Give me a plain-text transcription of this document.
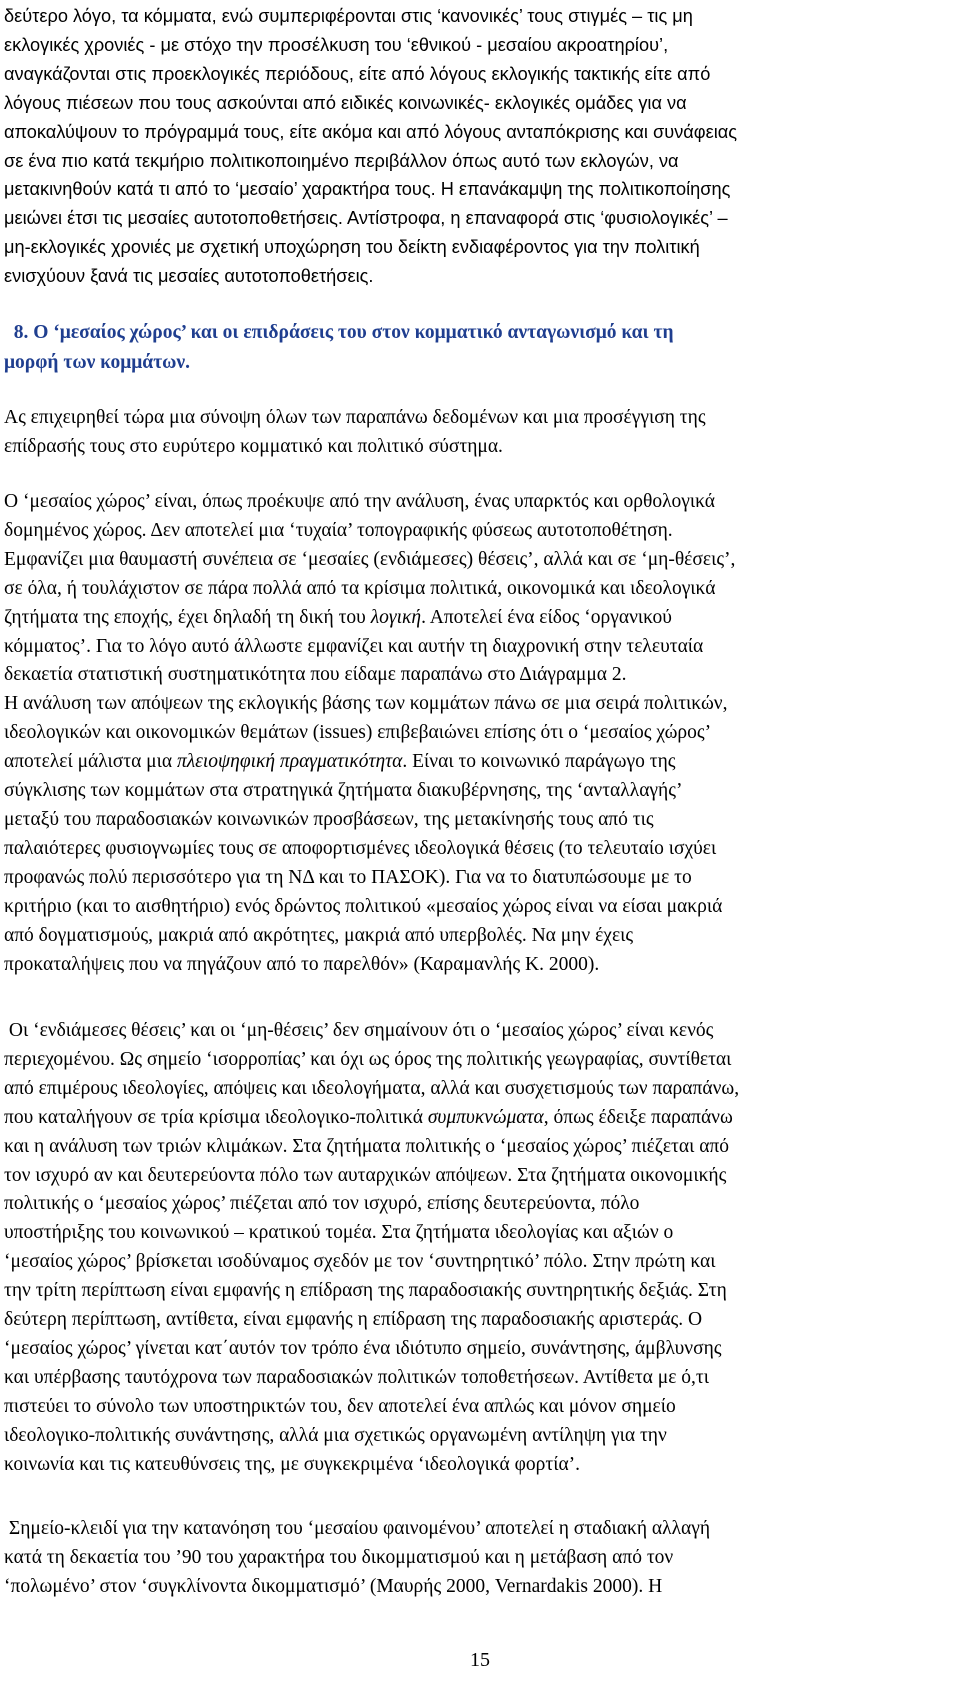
δεύτερο λόγο, τα κόμματα, ενώ συμπεριφέρονται στις ‘κανονικές’ τους στιγμές – τις μη
εκλογικές χρονιές - με στόχο την προσέλκυση του ‘εθνικού - μεσαίου ακροατηρίου’,
αναγκάζονται στις προεκλογικές περιόδους, είτε από λόγους εκλογικής τακτικής είτε από
λόγους πιέσεων που τους ασκούνται από ειδικές κοινωνικές- εκλογικές ομάδες για να
αποκαλύψουν το πρόγραμμά τους, είτε ακόμα και από λόγους ανταπόκρισης και συνάφειας
σε ένα πιο κατά τεκμήριο πολιτικοποιημένο περιβάλλον όπως αυτό των εκλογών, να
μετακινηθούν κατά τι από το ‘μεσαίο’ χαρακτήρα τους. Η επανάκαμψη της πολιτικοποίησης
μειώνει έτσι τις μεσαίες αυτοτοποθετήσεις. Αντίστροφα, η επαναφορά στις ‘φυσιολογικές’ –
μη-εκλογικές χρονιές με σχετική υποχώρηση του δείκτη ενδιαφέροντος για την πολιτική
ενισχύουν ξανά τις μεσαίες αυτοτοποθετήσεις.

8. Ο ‘μεσαίος χώρος’ και οι επιδράσεις του στον κομματικό ανταγωνισμό και τη
μορφή των κομμάτων.

Ας επιχειρηθεί τώρα μια σύνοψη όλων των παραπάνω δεδομένων και μια προσέγγιση της
επίδρασής τους στο ευρύτερο κομματικό και πολιτικό σύστημα.

Ο ‘μεσαίος χώρος’ είναι, όπως προέκυψε από την ανάλυση, ένας υπαρκτός και ορθολογικά
δομημένος χώρος. Δεν αποτελεί μια ‘τυχαία’ τοπογραφικής φύσεως αυτοτοποθέτηση.
Εμφανίζει μια θαυμαστή συνέπεια σε ‘μεσαίες (ενδιάμεσες) θέσεις’, αλλά και σε ‘μη-θέσεις’,
σε όλα, ή τουλάχιστον σε πάρα πολλά από τα κρίσιμα πολιτικά, οικονομικά και ιδεολογικά
ζητήματα της εποχής, έχει δηλαδή τη δική του λογική. Αποτελεί ένα είδος ‘οργανικού
κόμματος’. Για το λόγο αυτό άλλωστε εμφανίζει και αυτήν τη διαχρονική στην τελευταία
δεκαετία στατιστική συστηματικότητα που είδαμε παραπάνω στο Διάγραμμα 2.
Η ανάλυση των απόψεων της εκλογικής βάσης των κομμάτων πάνω σε μια σειρά πολιτικών,
ιδεολογικών και οικονομικών θεμάτων (issues) επιβεβαιώνει επίσης ότι ο ‘μεσαίος χώρος’
αποτελεί μάλιστα μια πλειοψηφική πραγματικότητα. Είναι το κοινωνικό παράγωγο της
σύγκλισης των κομμάτων στα στρατηγικά ζητήματα διακυβέρνησης, της ‘ανταλλαγής’
μεταξύ του παραδοσιακών κοινωνικών προσβάσεων, της μετακίνησής τους από τις
παλαιότερες φυσιογνωμίες τους σε αποφορτισμένες ιδεολογικά θέσεις (το τελευταίο ισχύει
προφανώς πολύ περισσότερο για τη ΝΔ και το ΠΑΣΟΚ). Για να το διατυπώσουμε με το
κριτήριο (και το αισθητήριο) ενός δρώντος πολιτικού «μεσαίος χώρος είναι να είσαι μακριά
από δογματισμούς, μακριά από ακρότητες, μακριά από υπερβολές. Να μην έχεις
προκαταλήψεις που να πηγάζουν από το παρελθόν» (Καραμανλής Κ. 2000).

Οι ‘ενδιάμεσες θέσεις’ και οι ‘μη-θέσεις’ δεν σημαίνουν ότι ο ‘μεσαίος χώρος’ είναι κενός
περιεχομένου. Ως σημείο ‘ισορροπίας’ και όχι ως όρος της πολιτικής γεωγραφίας, συντίθεται
από επιμέρους ιδεολογίες, απόψεις και ιδεολογήματα, αλλά και συσχετισμούς των παραπάνω,
που καταλήγουν σε τρία κρίσιμα ιδεολογικο-πολιτικά συμπυκνώματα, όπως έδειξε παραπάνω
και η ανάλυση των τριών κλιμάκων. Στα ζητήματα πολιτικής ο ‘μεσαίος χώρος’ πιέζεται από
τον ισχυρό αν και δευτερεύοντα πόλο των αυταρχικών απόψεων. Στα ζητήματα οικονομικής
πολιτικής ο ‘μεσαίος χώρος’ πιέζεται από τον ισχυρό, επίσης δευτερεύοντα, πόλο
υποστήριξης του κοινωνικού – κρατικού τομέα. Στα ζητήματα ιδεολογίας και αξιών ο
‘μεσαίος χώρος’ βρίσκεται ισοδύναμος σχεδόν με τον ‘συντηρητικό’ πόλο. Στην πρώτη και
την τρίτη περίπτωση είναι εμφανής η επίδραση της παραδοσιακής συντηρητικής δεξιάς. Στη
δεύτερη περίπτωση, αντίθετα, είναι εμφανής η επίδραση της παραδοσιακής αριστεράς. Ο
‘μεσαίος χώρος’ γίνεται κατ΄αυτόν τον τρόπο ένα ιδιότυπο σημείο, συνάντησης, άμβλυνσης
και υπέρβασης ταυτόχρονα των παραδοσιακών πολιτικών τοποθετήσεων. Αντίθετα με ό,τι
πιστεύει το σύνολο των υποστηρικτών του, δεν αποτελεί ένα απλώς και μόνον σημείο
ιδεολογικο-πολιτικής συνάντησης, αλλά μια σχετικώς οργανωμένη αντίληψη για την
κοινωνία και τις κατευθύνσεις της, με συγκεκριμένα ‘ιδεολογικά φορτία’.

Σημείο-κλειδί για την κατανόηση του ‘μεσαίου φαινομένου’ αποτελεί η σταδιακή αλλαγή
κατά τη δεκαετία του ’90 του χαρακτήρα του δικομματισμού και η μετάβαση από τον
‘πολωμένο’ στον ‘συγκλίνοντα δικομματισμό’ (Μαυρής 2000, Vernardakis 2000). Η

15
